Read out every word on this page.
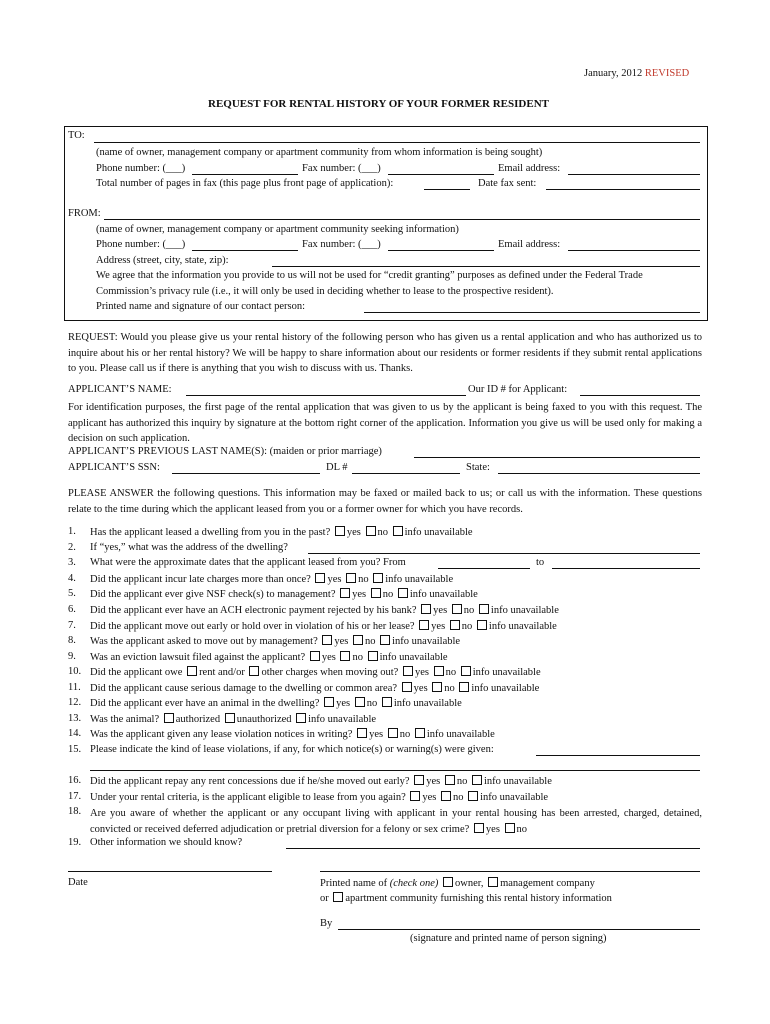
January, 2012 REVISED
REQUEST FOR RENTAL HISTORY OF YOUR FORMER RESIDENT
TO:
(name of owner, management company or apartment community from whom information is being sought)
Phone number: (___)	Fax number: (___)	Email address:
Total number of pages in fax (this page plus front page of application):	Date fax sent:
FROM:
(name of owner, management company or apartment community seeking information)
Phone number: (___)	Fax number: (___)	Email address:
Address (street, city, state, zip):
We agree that the information you provide to us will not be used for “credit granting” purposes as defined under the Federal Trade
Commission’s privacy rule (i.e., it will only be used in deciding whether to lease to the prospective resident).
Printed name and signature of our contact person:
REQUEST: Would you please give us your rental history of the following person who has given us a rental application and who has authorized us to inquire about his or her rental history? We will be happy to share information about our residents or former residents if they submit rental applications to you. Please call us if there is anything that you wish to discuss with us. Thanks.
APPLICANT’S NAME:	Our ID # for Applicant:
For identification purposes, the first page of the rental application that was given to us by the applicant is being faxed to you with this request. The applicant has authorized this inquiry by signature at the bottom right corner of the application. Information you give us will be used only for making a decision on such application.
APPLICANT’S PREVIOUS LAST NAME(S): (maiden or prior marriage)
APPLICANT’S SSN:	DL #	State:
PLEASE ANSWER the following questions. This information may be faxed or mailed back to us; or call us with the information. These questions relate to the time during which the applicant leased from you or a former owner for which you have records.
1.	Has the applicant leased a dwelling from you in the past? yes no info unavailable
2.	If “yes,” what was the address of the dwelling?
3.	What were the approximate dates that the applicant leased from you? From	to
4.	Did the applicant incur late charges more than once? yes no info unavailable
5.	Did the applicant ever give NSF check(s) to management? yes no info unavailable
6.	Did the applicant ever have an ACH electronic payment rejected by his bank? yes no info unavailable
7.	Did the applicant move out early or hold over in violation of his or her lease? yes no info unavailable
8.	Was the applicant asked to move out by management? yes no info unavailable
9.	Was an eviction lawsuit filed against the applicant? yes no info unavailable
10. Did the applicant owe rent and/or other charges when moving out? yes no info unavailable
11. Did the applicant cause serious damage to the dwelling or common area? yes no info unavailable
12. Did the applicant ever have an animal in the dwelling? yes no info unavailable
13. Was the animal? authorized unauthorized info unavailable
14. Was the applicant given any lease violation notices in writing? yes no info unavailable
15. Please indicate the kind of lease violations, if any, for which notice(s) or warning(s) were given:
16. Did the applicant repay any rent concessions due if he/she moved out early? yes no info unavailable
17. Under your rental criteria, is the applicant eligible to lease from you again? yes no info unavailable
18. Are you aware of whether the applicant or any occupant living with applicant in your rental housing has been arrested, charged, detained, convicted or received deferred adjudication or pretrial diversion for a felony or sex crime? yes no
19. Other information we should know?
Date	Printed name of (check one) owner, management company
or apartment community furnishing this rental history information
By
(signature and printed name of person signing)
